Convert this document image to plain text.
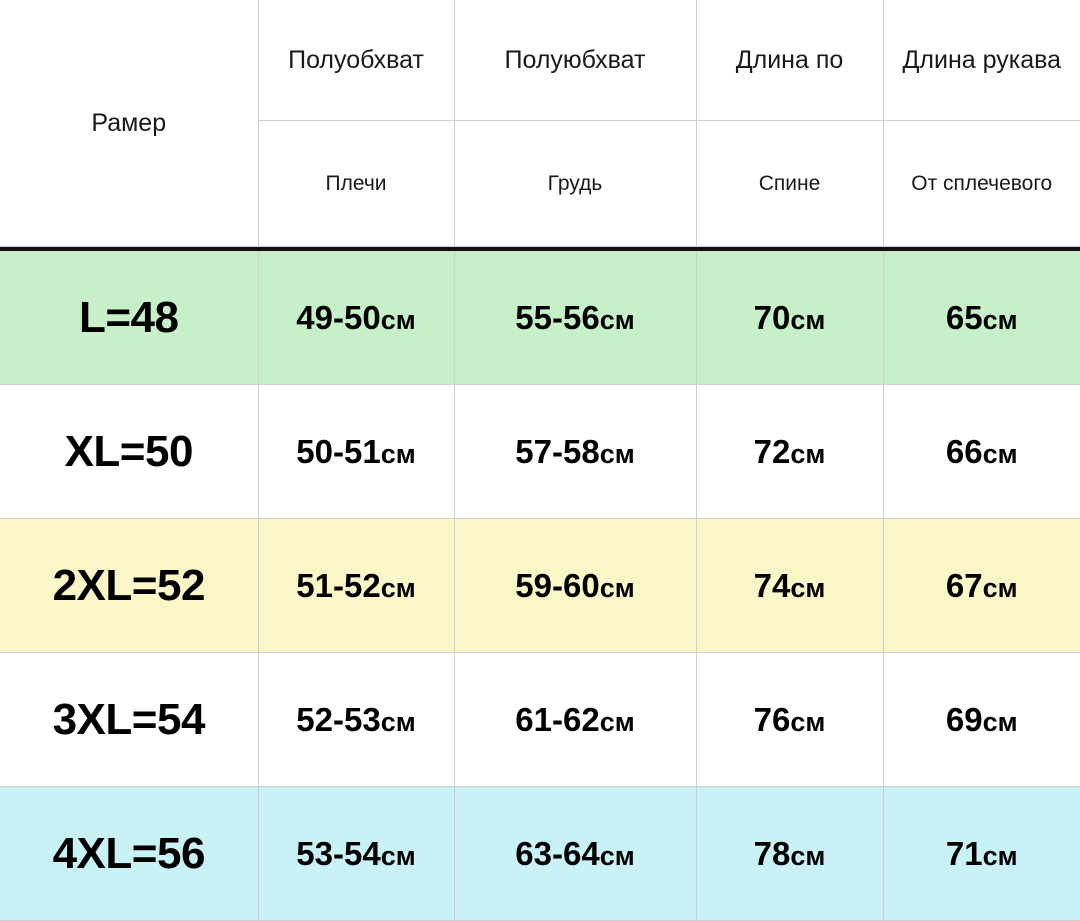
Рамер	Полуобхват	Полуюбхват	Длина по	Длина рукава
	Плечи	Грудь	Спине	От сплечевого

L=48	49-50см	55-56см	70см	65см
XL=50	50-51см	57-58см	72см	66см
2XL=52	51-52см	59-60см	74см	67см
3XL=54	52-53см	61-62см	76см	69см
4XL=56	53-54см	63-64см	78см	71см
